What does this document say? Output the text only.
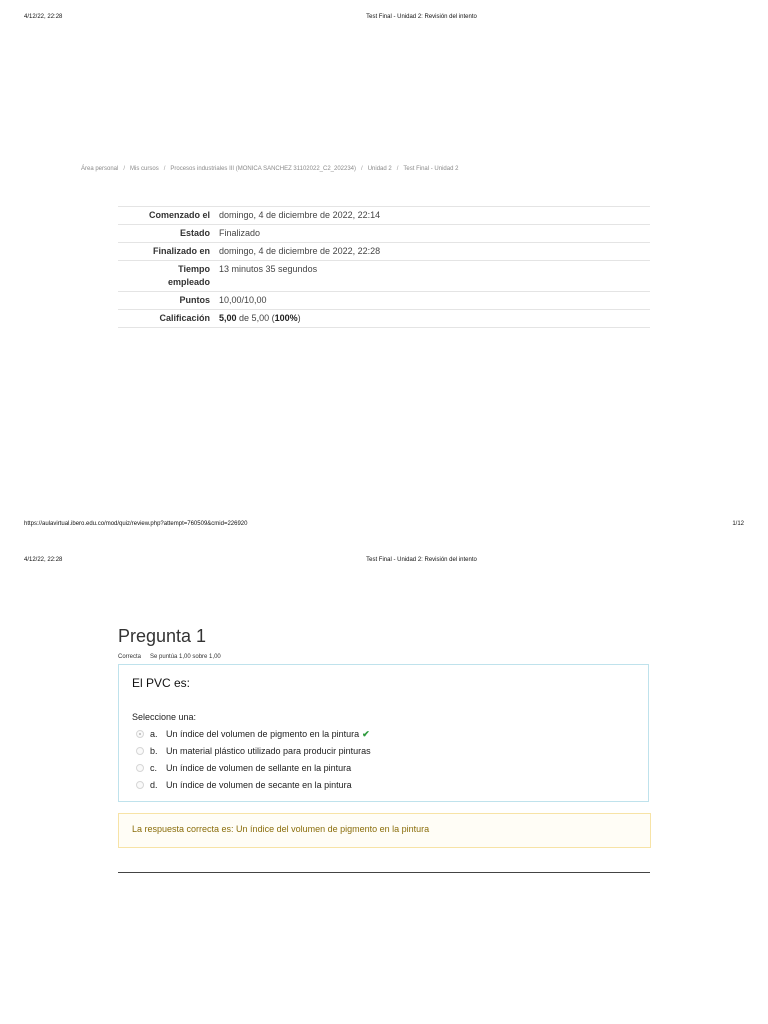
4/12/22, 22:28	Test Final - Unidad 2: Revisión del intento
Área personal / Mis cursos / Procesos industriales III (MONICA SANCHEZ 31102022_C2_202234) / Unidad 2 / Test Final - Unidad 2
Comenzado el	domingo, 4 de diciembre de 2022, 22:14
Estado	Finalizado
Finalizado en	domingo, 4 de diciembre de 2022, 22:28
Tiempo
empleado	13 minutos 35 segundos
Puntos	10,00/10,00
Calificación	5,00 de 5,00 (100%)
https://aulavirtual.ibero.edu.co/mod/quiz/review.php?attempt=760509&cmid=226920	1/12
4/12/22, 22:28	Test Final - Unidad 2: Revisión del intento
Pregunta 1
Correcta Se puntúa 1,00 sobre 1,00
El PVC es:
Seleccione una:
a. Un índice del volumen de pigmento en la pintura ✔
b. Un material plástico utilizado para producir pinturas
c. Un índice de volumen de sellante en la pintura
d. Un índice de volumen de secante en la pintura
La respuesta correcta es: Un índice del volumen de pigmento en la pintura
